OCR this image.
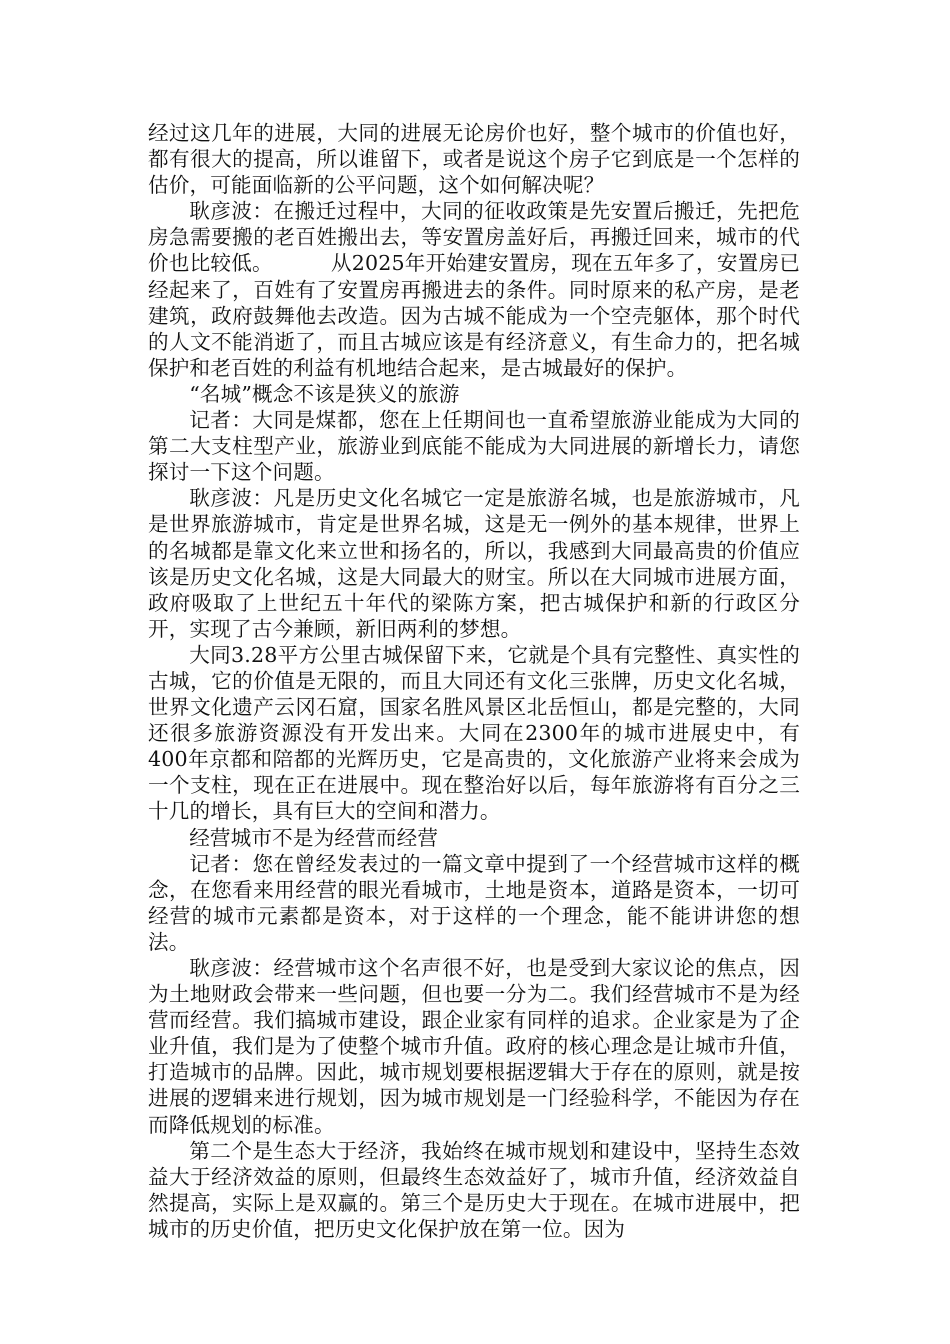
经过这几年的进展，大同的进展无论房价也好，整个城市的价值也好，都有很大的提高，所以谁留下，或者是说这个房子它到底是一个怎样的估价，可能面临新的公平问题，这个如何解决呢？

耿彦波：在搬迁过程中，大同的征收政策是先安置后搬迁，先把危房急需要搬的老百姓搬出去，等安置房盖好后，再搬迁回来，城市的代价也比较低。	从2025年开始建安置房，现在五年多了，安置房已经起来了，百姓有了安置房再搬进去的条件。同时原来的私产房，是老建筑，政府鼓舞他去改造。因为古城不能成为一个空壳躯体，那个时代的人文不能消逝了，而且古城应该是有经济意义，有生命力的，把名城保护和老百姓的利益有机地结合起来，是古城最好的保护。

“名城”概念不该是狭义的旅游

记者：大同是煤都，您在上任期间也一直希望旅游业能成为大同的第二大支柱型产业，旅游业到底能不能成为大同进展的新增长力，请您探讨一下这个问题。

耿彦波：凡是历史文化名城它一定是旅游名城，也是旅游城市，凡是世界旅游城市，肯定是世界名城，这是无一例外的基本规律，世界上的名城都是靠文化来立世和扬名的，所以，我感到大同最高贵的价值应该是历史文化名城，这是大同最大的财宝。所以在大同城市进展方面，政府吸取了上世纪五十年代的梁陈方案，把古城保护和新的行政区分开，实现了古今兼顾，新旧两利的梦想。

大同3.28平方公里古城保留下来，它就是个具有完整性、真实性的古城，它的价值是无限的，而且大同还有文化三张牌，历史文化名城，世界文化遗产云冈石窟，国家名胜风景区北岳恒山，都是完整的，大同还很多旅游资源没有开发出来。大同在2300年的城市进展史中，有400年京都和陪都的光辉历史，它是高贵的，文化旅游产业将来会成为一个支柱，现在正在进展中。现在整治好以后，每年旅游将有百分之三十几的增长，具有巨大的空间和潜力。

经营城市不是为经营而经营

记者：您在曾经发表过的一篇文章中提到了一个经营城市这样的概念，在您看来用经营的眼光看城市，土地是资本，道路是资本，一切可经营的城市元素都是资本，对于这样的一个理念，能不能讲讲您的想法。

耿彦波：经营城市这个名声很不好，也是受到大家议论的焦点，因为土地财政会带来一些问题，但也要一分为二。我们经营城市不是为经营而经营。我们搞城市建设，跟企业家有同样的追求。企业家是为了企业升值，我们是为了使整个城市升值。政府的核心理念是让城市升值，打造城市的品牌。因此，城市规划要根据逻辑大于存在的原则，就是按进展的逻辑来进行规划，因为城市规划是一门经验科学，不能因为存在而降低规划的标准。

第二个是生态大于经济，我始终在城市规划和建设中，坚持生态效益大于经济效益的原则，但最终生态效益好了，城市升值，经济效益自然提高，实际上是双赢的。第三个是历史大于现在。在城市进展中，把城市的历史价值，把历史文化保护放在第一位。因为
